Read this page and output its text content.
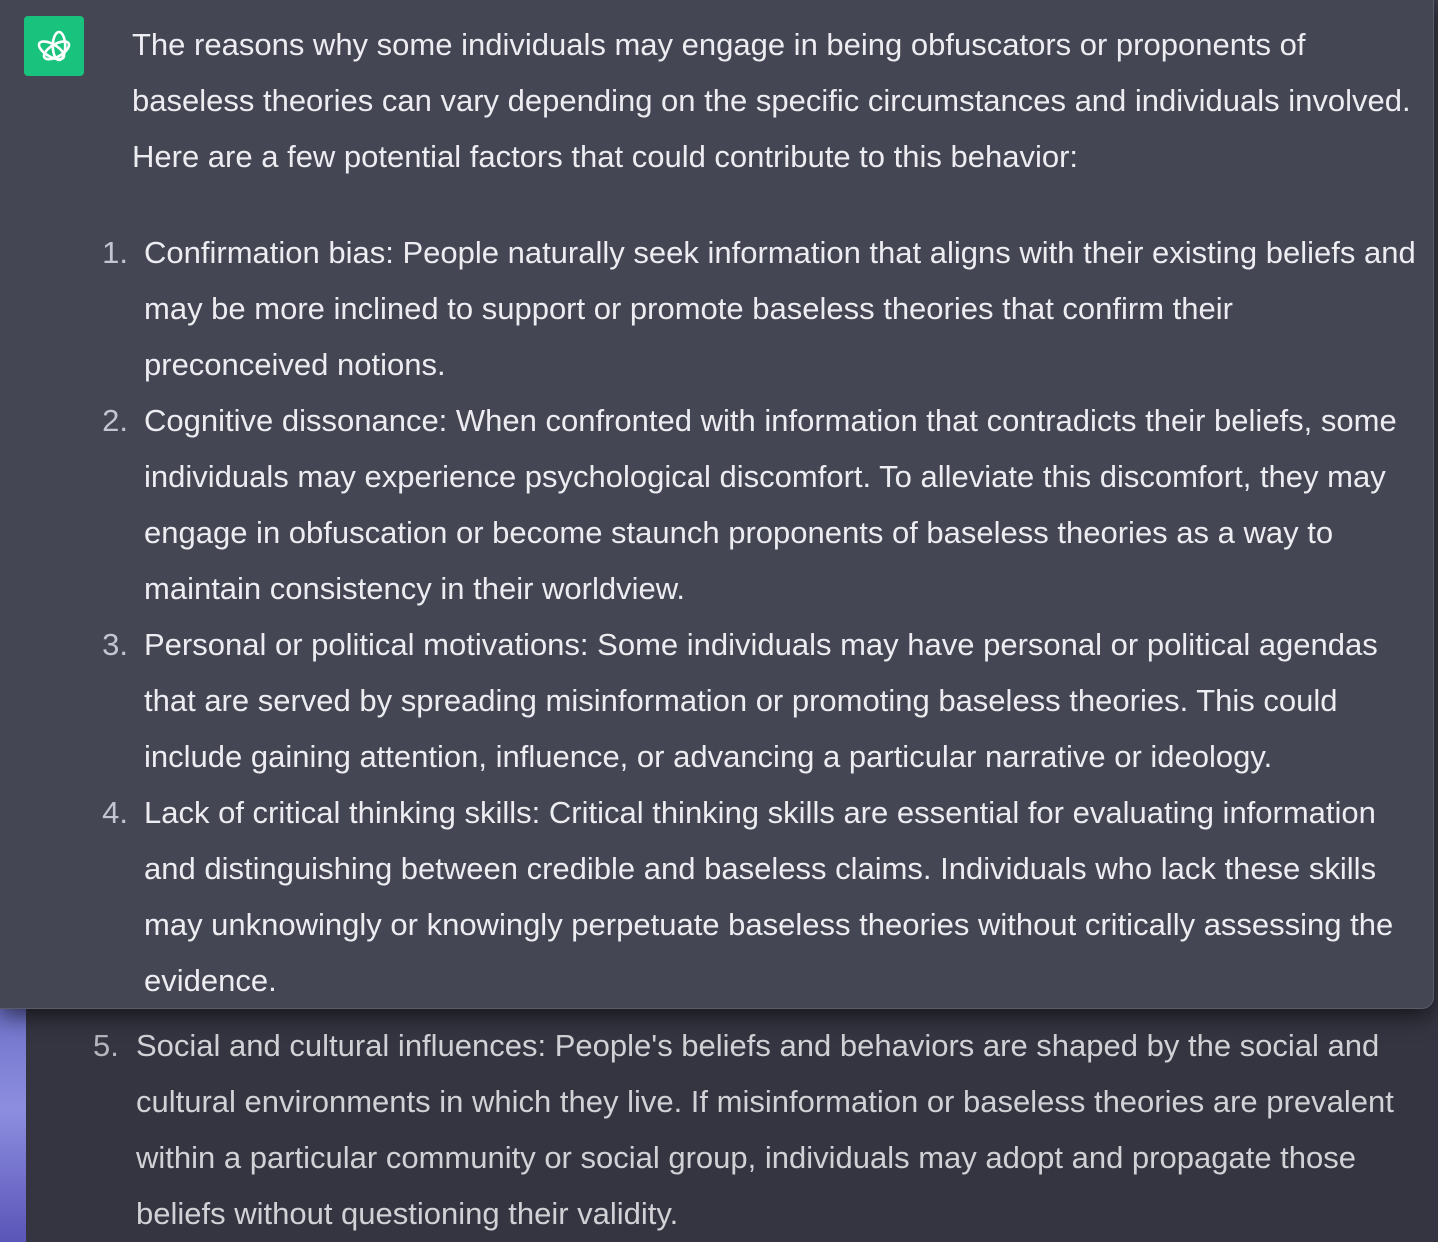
5. Social and cultural influences: People's beliefs and behaviors are shaped by the social and cultural environments in which they live. If misinformation or baseless theories are prevalent within a particular community or social group, individuals may adopt and propagate those beliefs without questioning their validity.

The reasons why some individuals may engage in being obfuscators or proponents of baseless theories can vary depending on the specific circumstances and individuals involved. Here are a few potential factors that could contribute to this behavior:

1. Confirmation bias: People naturally seek information that aligns with their existing beliefs and may be more inclined to support or promote baseless theories that confirm their preconceived notions.
2. Cognitive dissonance: When confronted with information that contradicts their beliefs, some individuals may experience psychological discomfort. To alleviate this discomfort, they may engage in obfuscation or become staunch proponents of baseless theories as a way to maintain consistency in their worldview.
3. Personal or political motivations: Some individuals may have personal or political agendas that are served by spreading misinformation or promoting baseless theories. This could include gaining attention, influence, or advancing a particular narrative or ideology.
4. Lack of critical thinking skills: Critical thinking skills are essential for evaluating information and distinguishing between credible and baseless claims. Individuals who lack these skills may unknowingly or knowingly perpetuate baseless theories without critically assessing the evidence.
